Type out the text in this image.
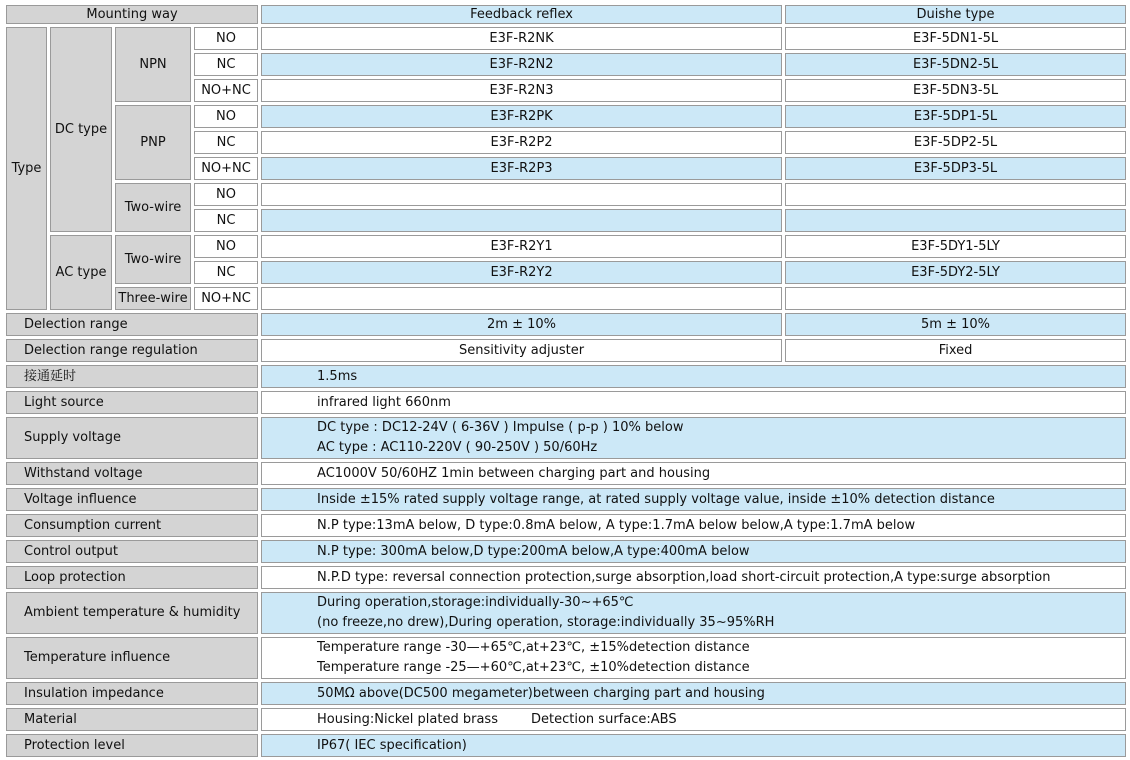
Mounting way				Feedback reflex	Duishe type
Type	DC type	NPN	NO	E3F-R2NK	E3F-5DN1-5L
			NC	E3F-R2N2	E3F-5DN2-5L
			NO+NC	E3F-R2N3	E3F-5DN3-5L
		PNP	NO	E3F-R2PK	E3F-5DP1-5L
			NC	E3F-R2P2	E3F-5DP2-5L
			NO+NC	E3F-R2P3	E3F-5DP3-5L
		Two-wire	NO		
			NC		
	AC type	Two-wire	NO	E3F-R2Y1	E3F-5DY1-5LY
			NC	E3F-R2Y2	E3F-5DY2-5LY
		Three-wire	NO+NC		
Delection range				2m ± 10%	5m ± 10%
Delection range regulation				Sensitivity adjuster	Fixed
接通延时				1.5ms	
Light source				infrared light 660nm	
Supply voltage				DC type : DC12-24V ( 6-36V ) Impulse ( p-p ) 10% below
AC type : AC110-220V ( 90-250V ) 50/60Hz	

Withstand voltage				AC1000V 50/60HZ 1min between charging part and housing	
Voltage influence				Inside ±15% rated supply voltage range, at rated supply voltage value, inside ±10% detection distance	
Consumption current				N.P type:13mA below, D type:0.8mA below, A type:1.7mA below below,A type:1.7mA below	
Control output				N.P type: 300mA below,D type:200mA below,A type:400mA below	
Loop protection				N.P.D type: reversal connection protection,surge absorption,load short-circuit protection,A type:surge absorption	
Ambient temperature & humidity				During operation,storage:individually-30~+65℃
(no freeze,no drew),During operation, storage:individually 35~95%RH	

Temperature influence				Temperature range -30—+65℃,at+23℃, ±15%detection distance
Temperature range -25—+60℃,at+23℃, ±10%detection distance	

Insulation impedance				50MΩ above(DC500 megameter)between charging part and housing	
Material				Housing:Nickel plated brass        Detection surface:ABS	
Protection level				IP67( IEC specification)	
